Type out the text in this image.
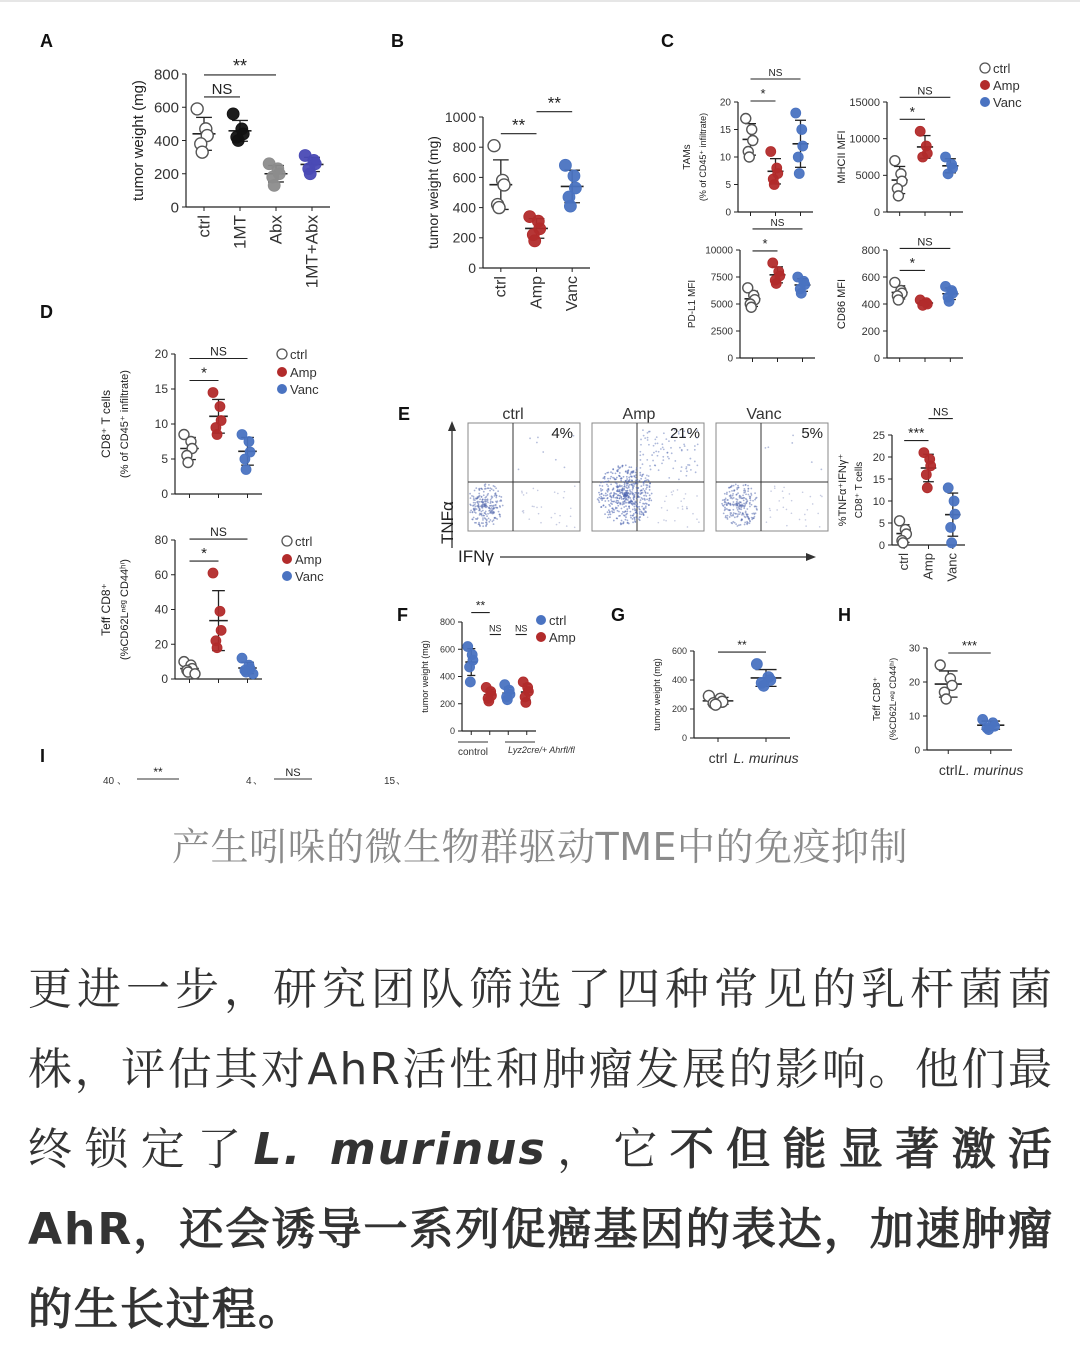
A	B	C
D
E
F	G	H
I
ctrl
Amp
Vanc
ctrl
Amp
Vanc
ctrl
Amp
Vanc
ctrl
Amp
control Lyz2cre/+ Ahrfl/fl
ctrl	Amp	Vanc
4%	21%	5%
TNFα
IFNγ
40 、
**
4 、
NS
15 、
0
200
400
600
800
ctrl 1MT Abx 1MT+Abx
tumor weight (mg)
**
NS
0
200
400
600
800
1000
ctrl Amp Vanc
tumor weight (mg)
**
**
0
5
10
15
20
TAMs (% of CD45⁺ infiltrate)
*
NS
0
5000
10000
15000
MHCII MFI
*
NS
0
2500
5000
7500
10000
PD-L1 MFI
*
NS
0
200
400
600
800
CD86 MFI
*
NS
0
5
10
15
20
CD8⁺ T cells (% of CD45⁺ infiltrate)	*
NS
0
20
40
60
80
Teff CD8⁺ (%CD62Lⁿᵉᵍ CD44ʰⁱ)
*
NS
0
5
10
15
20
25
ctrl Amp Vanc
%TNFα⁺IFNγ⁺ CD8⁺ T cells
***
NS
0
200
400
600
800
tumor weight (mg)
**
NS NS
0
200
400
600
ctrl L. murinus
tumor weight (mg)
**
0
10
20
30
ctrl L. murinus
Teff CD8⁺ (%CD62Lⁿᵉᵍ CD44ʰⁱ)
***
产生吲哚的微生物群驱动TME中的免疫抑制
更进一步，研究团队筛选了四种常见的乳杆菌菌株，评估其对AhR活性和肿瘤发展的影响。他们最终锁定了L. murinus，它不但能显著激活AhR，还会诱导一系列促癌基因的表达，加速肿瘤的生长过程。
